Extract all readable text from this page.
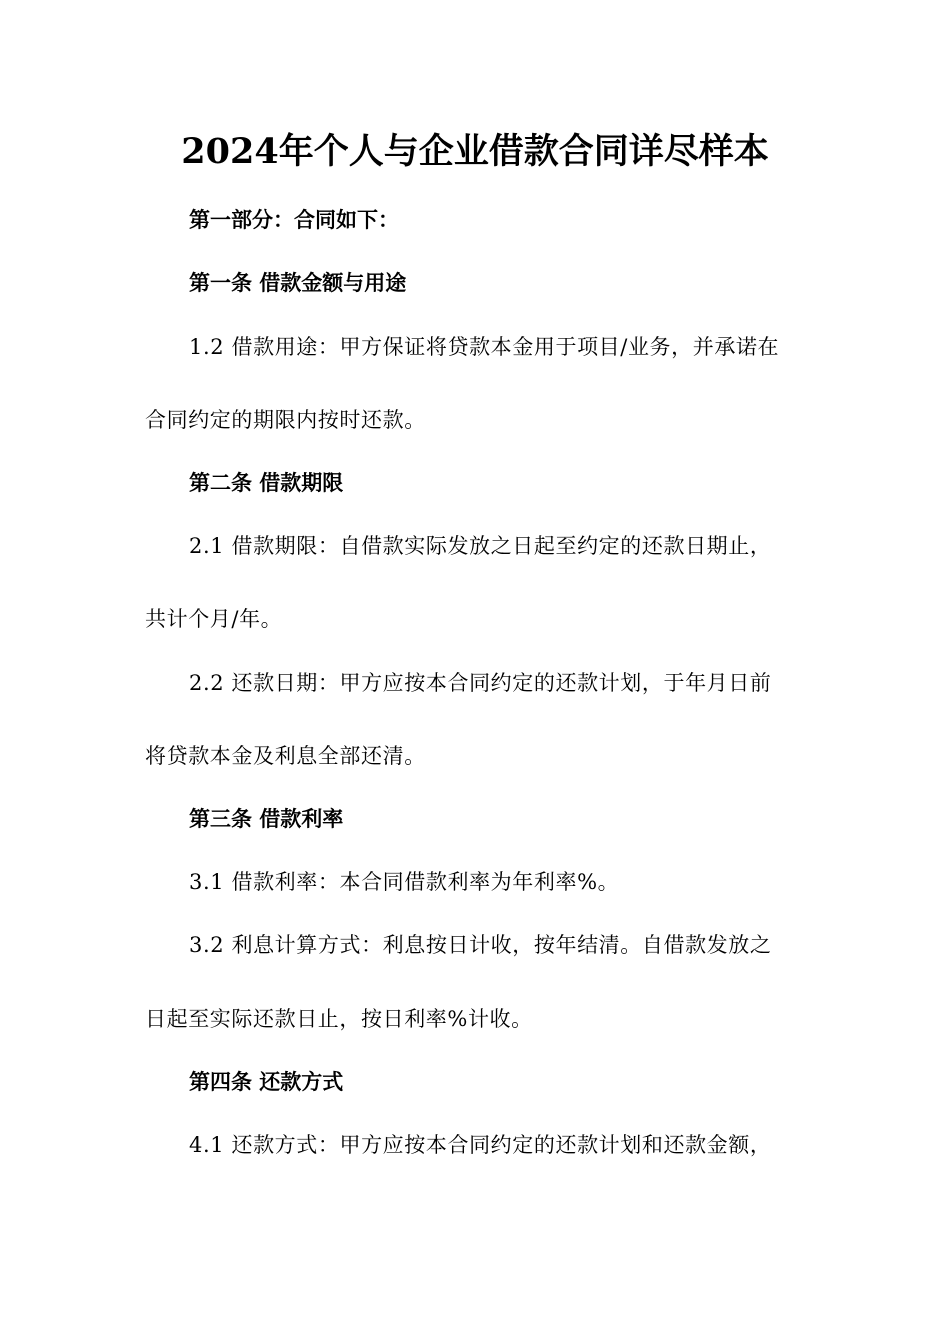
2024年个人与企业借款合同详尽样本
第一部分：合同如下：
第一条 借款金额与用途
1.2 借款用途：甲方保证将贷款本金用于项目/业务，并承诺在
合同约定的期限内按时还款。
第二条 借款期限
2.1 借款期限：自借款实际发放之日起至约定的还款日期止，
共计个月/年。
2.2 还款日期：甲方应按本合同约定的还款计划，于年月日前
将贷款本金及利息全部还清。
第三条 借款利率
3.1 借款利率：本合同借款利率为年利率%。
3.2 利息计算方式：利息按日计收，按年结清。自借款发放之
日起至实际还款日止，按日利率%计收。
第四条 还款方式
4.1 还款方式：甲方应按本合同约定的还款计划和还款金额，
